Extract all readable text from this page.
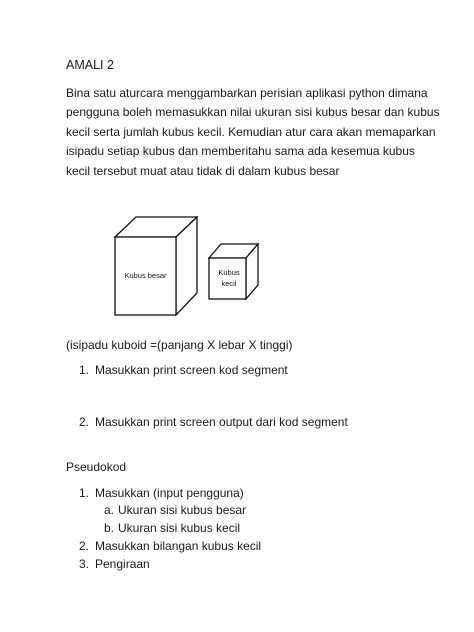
AMALI 2
Bina satu aturcara menggambarkan perisian aplikasi python dimana
pengguna boleh memasukkan nilai ukuran sisi kubus besar dan kubus
kecil serta jumlah kubus kecil. Kemudian atur cara akan memaparkan
isipadu setiap kubus dan memberitahu sama ada kesemua kubus
kecil tersebut muat atau tidak di dalam kubus besar
Kubus besar	Kubus
kecil
(isipadu kuboid =(panjang X lebar X tinggi)
1. Masukkan print screen kod segment
2. Masukkan print screen output dari kod segment
Pseudokod
1. Masukkan (input pengguna)
a. Ukuran sisi kubus besar
b. Ukuran sisi kubus kecil
2. Masukkan bilangan kubus kecil
3. Pengiraan
